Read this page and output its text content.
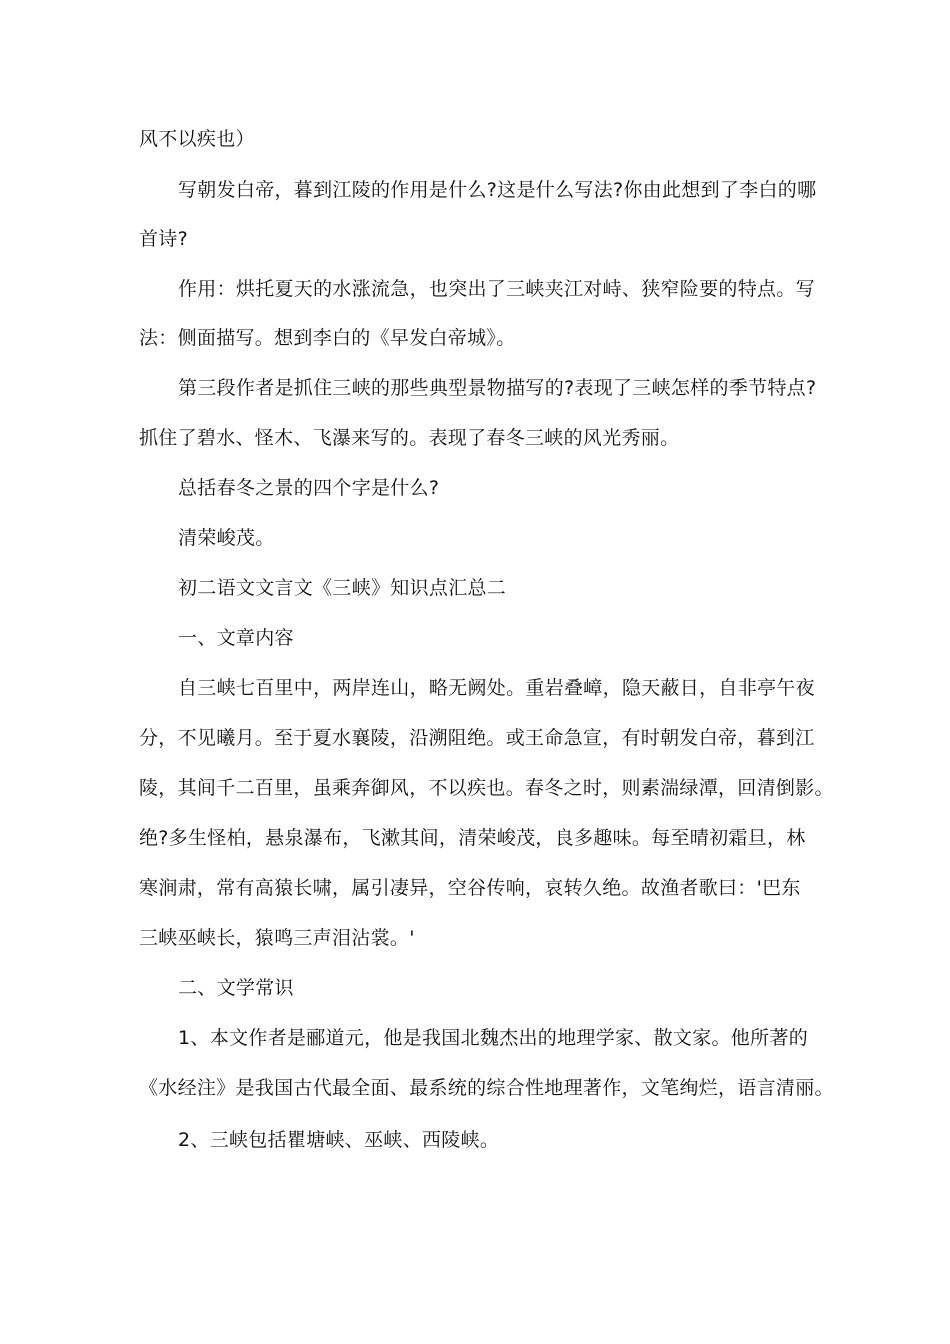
风不以疾也）
写朝发白帝，暮到江陵的作用是什么?这是什么写法?你由此想到了李白的哪
首诗?
作用：烘托夏天的水涨流急，也突出了三峡夹江对峙、狭窄险要的特点。写
法：侧面描写。想到李白的《早发白帝城》。
第三段作者是抓住三峡的那些典型景物描写的?表现了三峡怎样的季节特点?
抓住了碧水、怪木、飞瀑来写的。表现了春冬三峡的风光秀丽。
总括春冬之景的四个字是什么?
清荣峻茂。
初二语文文言文《三峡》知识点汇总二
一、文章内容
自三峡七百里中，两岸连山，略无阙处。重岩叠嶂，隐天蔽日，自非亭午夜
分，不见曦月。至于夏水襄陵，沿溯阻绝。或王命急宣，有时朝发白帝，暮到江
陵，其间千二百里，虽乘奔御风，不以疾也。春冬之时，则素湍绿潭，回清倒影。
绝?多生怪柏，悬泉瀑布，飞漱其间，清荣峻茂，良多趣味。每至晴初霜旦，林
寒涧肃，常有高猿长啸，属引凄异，空谷传响，哀转久绝。故渔者歌曰：'巴东
三峡巫峡长，猿鸣三声泪沾裳。'
二、文学常识
1、本文作者是郦道元，他是我国北魏杰出的地理学家、散文家。他所著的
《水经注》是我国古代最全面、最系统的综合性地理著作，文笔绚烂，语言清丽。
2、三峡包括瞿塘峡、巫峡、西陵峡。
